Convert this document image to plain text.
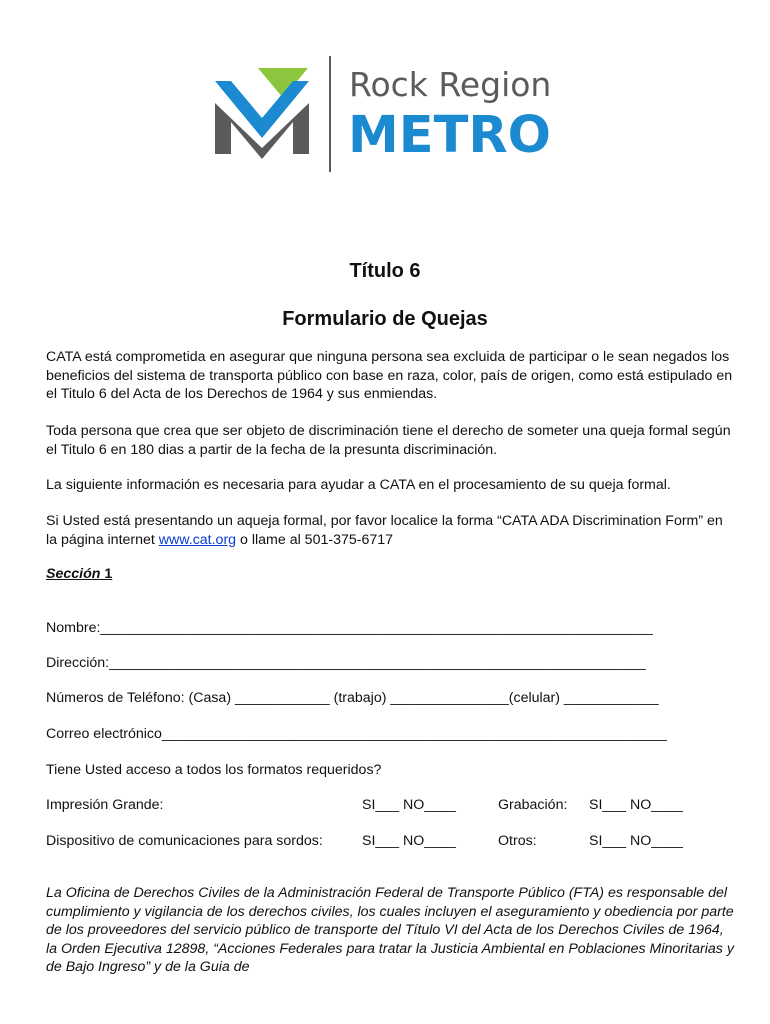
Rock Region
METRO
Título 6
Formulario de Quejas
CATA está comprometida en asegurar que ninguna persona sea excluida de participar o le sean negados los beneficios del sistema de transporta público con base en raza, color, país de origen, como está estipulado en el Titulo 6 del Acta de los Derechos de 1964 y sus enmiendas.
Toda persona que crea que ser objeto de discriminación tiene el derecho de someter una queja formal según el Titulo 6 en 180 dias a partir de la fecha de la presunta discriminación.
La siguiente información es necesaria para ayudar a CATA en el procesamiento de su queja formal.
Si Usted está presentando un aqueja formal, por favor localice la forma “CATA ADA Discrimination Form” en la página internet www.cat.org o llame al 501-375-6717
Sección 1
Nombre:______________________________________________________________________
Dirección:____________________________________________________________________
Números de Teléfono: (Casa) ____________ (trabajo) _______________(celular) ____________
Correo electrónico________________________________________________________________
Tiene Usted acceso a todos los formatos requeridos?
Impresión Grande:	SI___ NO____	Grabación: SI___ NO____
Dispositivo de comunicaciones para sordos:	SI___ NO____	Otros:	SI___ NO____
La Oficina de Derechos Civiles de la Administración Federal de Transporte Público (FTA) es responsable del cumplimiento y vigilancia de los derechos civiles, los cuales incluyen el aseguramiento y obediencia por parte de los proveedores del servicio público de transporte del Título VI del Acta de los Derechos Civiles de 1964, la Orden Ejecutiva 12898, “Acciones Federales para tratar la Justicia Ambiental en Poblaciones Minoritarias y de Bajo Ingreso” y de la Guia de
